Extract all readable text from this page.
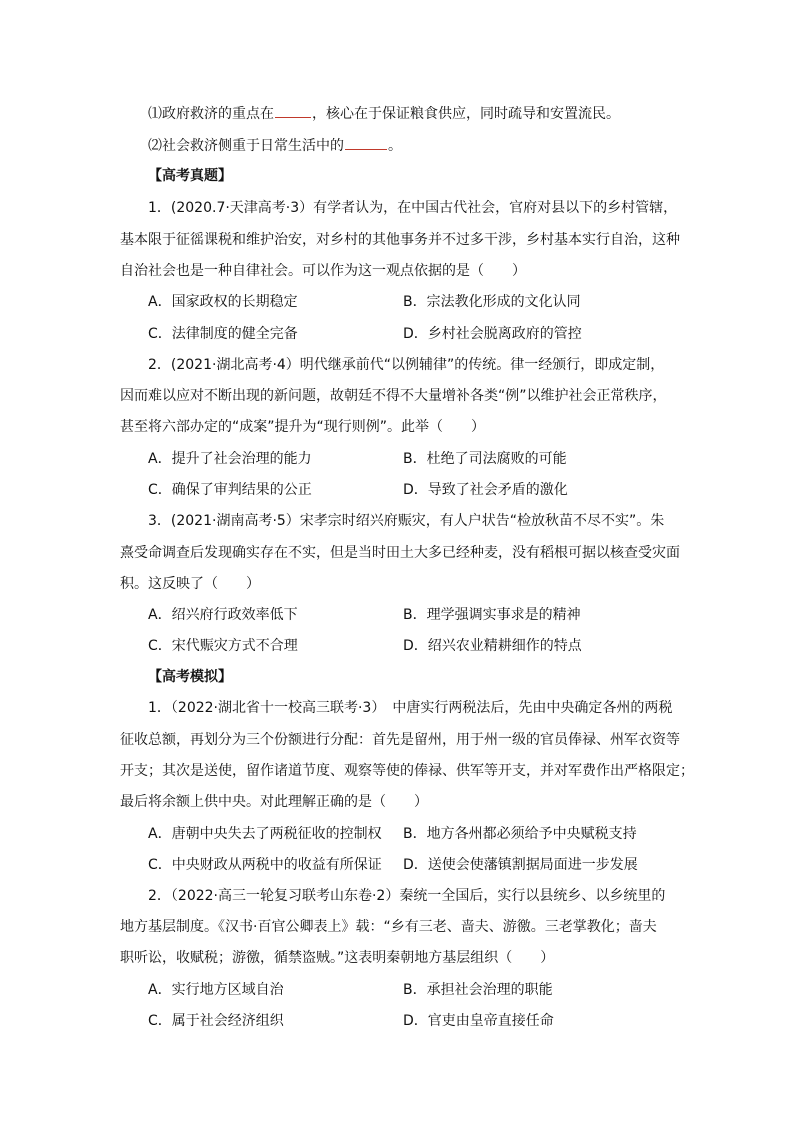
⑴政府救济的重点在	，核心在于保证粮食供应，同时疏导和安置流民。
⑵社会救济侧重于日常生活中的	。
【高考真题】
1．(2020.7·天津高考·3）有学者认为，在中国古代社会，官府对县以下的乡村管辖，
基本限于征徭课税和维护治安，对乡村的其他事务并不过多干涉，乡村基本实行自治，这种
自治社会也是一种自律社会。可以作为这一观点依据的是（　　）
A．国家政权的长期稳定	B．宗法教化形成的文化认同
C．法律制度的健全完备	D．乡村社会脱离政府的管控
2．(2021·湖北高考·4）明代继承前代“以例辅律”的传统。律一经颁行，即成定制，
因而难以应对不断出现的新问题，故朝廷不得不大量增补各类“例”以维护社会正常秩序，
甚至将六部办定的“成案”提升为“现行则例”。此举（　　）
A．提升了社会治理的能力	B．杜绝了司法腐败的可能
C．确保了审判结果的公正	D．导致了社会矛盾的激化
3．(2021·湖南高考·5）宋孝宗时绍兴府赈灾，有人户状告“检放秋苗不尽不实”。朱
熹受命调查后发现确实存在不实，但是当时田土大多已经种麦，没有稻根可据以核查受灾面
积。这反映了（　　）
A．绍兴府行政效率低下	B．理学强调实事求是的精神
C．宋代赈灾方式不合理	D．绍兴农业精耕细作的特点
【高考模拟】
1．（2022·湖北省十一校高三联考·3）　中唐实行两税法后，先由中央确定各州的两税
征收总额，再划分为三个份额进行分配：首先是留州，用于州一级的官员俸禄、州军衣资等
开支；其次是送使，留作诸道节度、观察等使的俸禄、供军等开支，并对军费作出严格限定；
最后将余额上供中央。对此理解正确的是（　　）
A．唐朝中央失去了两税征收的控制权 B．地方各州都必须给予中央赋税支持
C．中央财政从两税中的收益有所保证 D．送使会使藩镇割据局面进一步发展
2．（2022·高三一轮复习联考山东卷·2）秦统一全国后，实行以县统乡、以乡统里的
地方基层制度。《汉书·百官公卿表上》载：“乡有三老、啬夫、游徼。三老掌教化；啬夫
职听讼，收赋税；游徼，循禁盗贼。”这表明秦朝地方基层组织（　　）
A．实行地方区域自治	B．承担社会治理的职能
C．属于社会经济组织	D．官吏由皇帝直接任命
